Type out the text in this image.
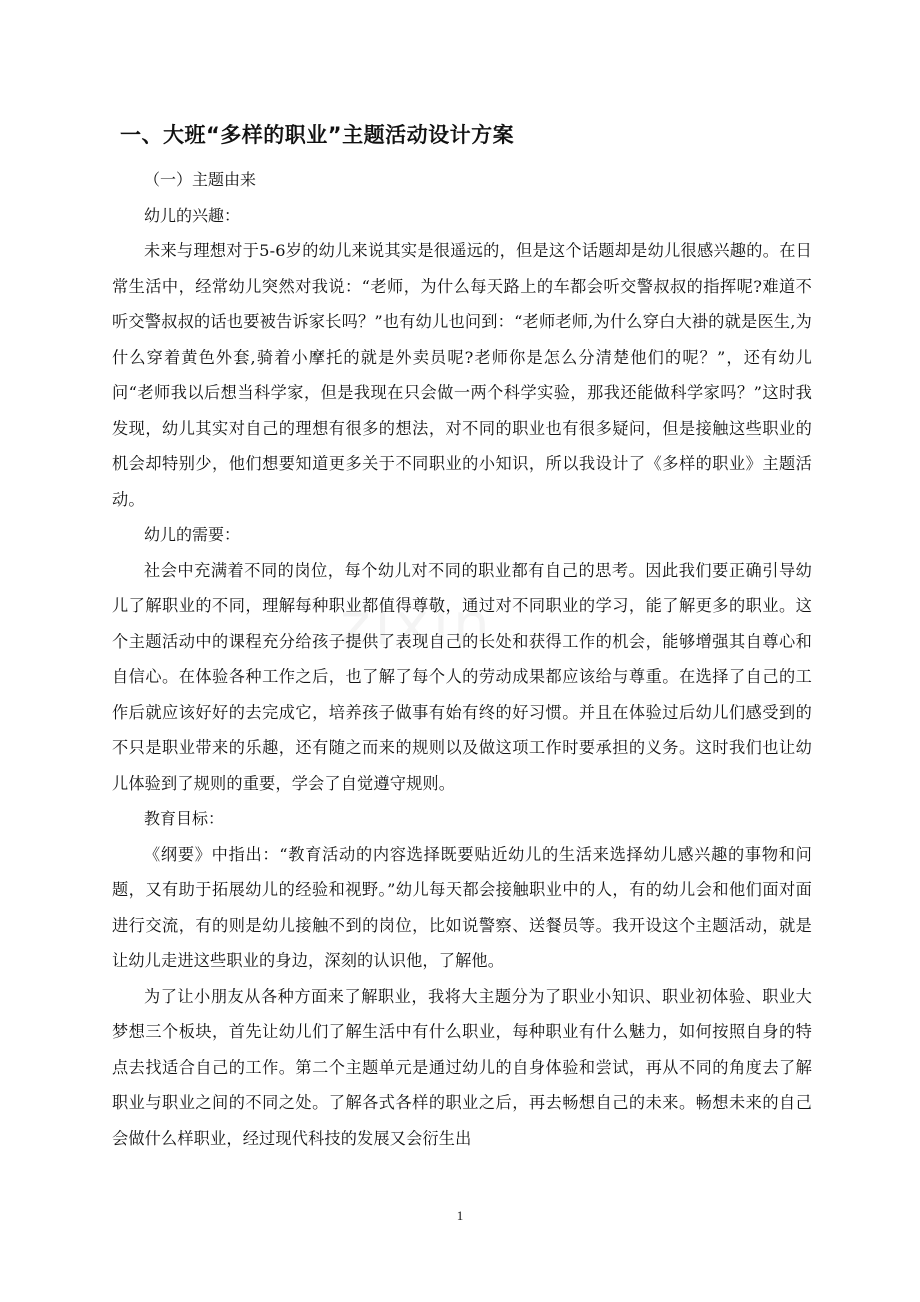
一、大班“多样的职业”主题活动设计方案

（一）主题由来

幼儿的兴趣：

未来与理想对于5-6岁的幼儿来说其实是很遥远的，但是这个话题却是幼儿很感兴趣的。在日常生活中，经常幼儿突然对我说：“老师，为什么每天路上的车都会听交警叔叔的指挥呢?难道不听交警叔叔的话也要被告诉家长吗？”也有幼儿也问到：“老师老师,为什么穿白大褂的就是医生,为什么穿着黄色外套,骑着小摩托的就是外卖员呢?老师你是怎么分清楚他们的呢？”，还有幼儿问“老师我以后想当科学家，但是我现在只会做一两个科学实验，那我还能做科学家吗？”这时我发现，幼儿其实对自己的理想有很多的想法，对不同的职业也有很多疑问，但是接触这些职业的机会却特别少，他们想要知道更多关于不同职业的小知识，所以我设计了《多样的职业》主题活动。

幼儿的需要：

社会中充满着不同的岗位，每个幼儿对不同的职业都有自己的思考。因此我们要正确引导幼儿了解职业的不同，理解每种职业都值得尊敬，通过对不同职业的学习，能了解更多的职业。这个主题活动中的课程充分给孩子提供了表现自己的长处和获得工作的机会，能够增强其自尊心和自信心。在体验各种工作之后，也了解了每个人的劳动成果都应该给与尊重。在选择了自己的工作后就应该好好的去完成它，培养孩子做事有始有终的好习惯。并且在体验过后幼儿们感受到的不只是职业带来的乐趣，还有随之而来的规则以及做这项工作时要承担的义务。这时我们也让幼儿体验到了规则的重要，学会了自觉遵守规则。

教育目标：

《纲要》中指出：“教育活动的内容选择既要贴近幼儿的生活来选择幼儿感兴趣的事物和问题，又有助于拓展幼儿的经验和视野。”幼儿每天都会接触职业中的人，有的幼儿会和他们面对面进行交流，有的则是幼儿接触不到的岗位，比如说警察、送餐员等。我开设这个主题活动，就是让幼儿走进这些职业的身边，深刻的认识他，了解他。

为了让小朋友从各种方面来了解职业，我将大主题分为了职业小知识、职业初体验、职业大梦想三个板块，首先让幼儿们了解生活中有什么职业，每种职业有什么魅力，如何按照自身的特点去找适合自己的工作。第二个主题单元是通过幼儿的自身体验和尝试，再从不同的角度去了解职业与职业之间的不同之处。了解各式各样的职业之后，再去畅想自己的未来。畅想未来的自己会做什么样职业，经过现代科技的发展又会衍生出

1
